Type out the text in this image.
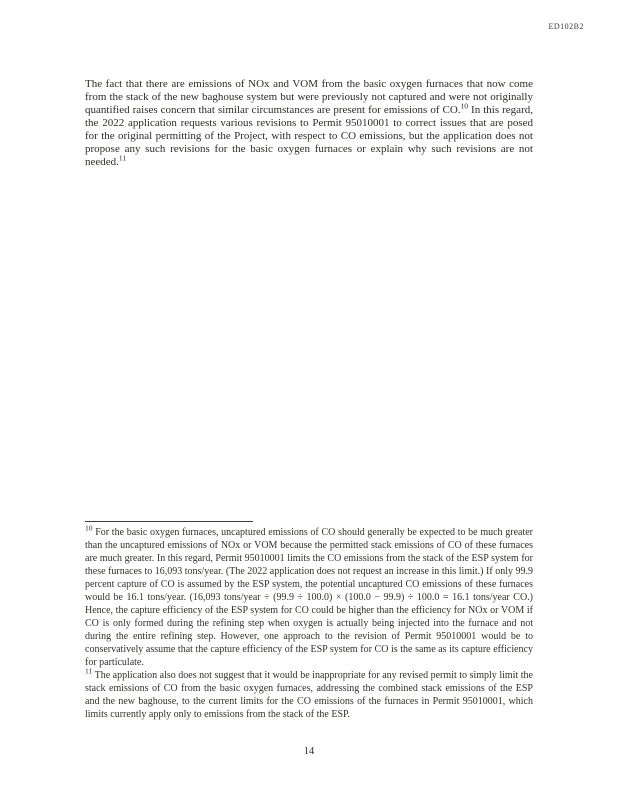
ED102B2

The fact that there are emissions of NOx and VOM from the basic oxygen furnaces that now come from the stack of the new baghouse system but were previously not captured and were not originally quantified raises concern that similar circumstances are present for emissions of CO.$^{10}$ In this regard, the 2022 application requests various revisions to Permit 95010001 to correct issues that are posed for the original permitting of the Project, with respect to CO emissions, but the application does not propose any such revisions for the basic oxygen furnaces or explain why such revisions are not needed.$^{11}$

$^{10}$ For the basic oxygen furnaces, uncaptured emissions of CO should generally be expected to be much greater than the uncaptured emissions of NOx or VOM because the permitted stack emissions of CO of these furnaces are much greater. In this regard, Permit 95010001 limits the CO emissions from the stack of the ESP system for these furnaces to 16,093 tons/year. (The 2022 application does not request an increase in this limit.) If only 99.9 percent capture of CO is assumed by the ESP system, the potential uncaptured CO emissions of these furnaces would be 16.1 tons/year. (16,093 tons/year ÷ (99.9 ÷ 100.0) × (100.0 − 99.9) ÷ 100.0 = 16.1 tons/year CO.) Hence, the capture efficiency of the ESP system for CO could be higher than the efficiency for NOx or VOM if CO is only formed during the refining step when oxygen is actually being injected into the furnace and not during the entire refining step. However, one approach to the revision of Permit 95010001 would be to conservatively assume that the capture efficiency of the ESP system for CO is the same as its capture efficiency for particulate.

$^{11}$ The application also does not suggest that it would be inappropriate for any revised permit to simply limit the stack emissions of CO from the basic oxygen furnaces, addressing the combined stack emissions of the ESP and the new baghouse, to the current limits for the CO emissions of the furnaces in Permit 95010001, which limits currently apply only to emissions from the stack of the ESP.

14
